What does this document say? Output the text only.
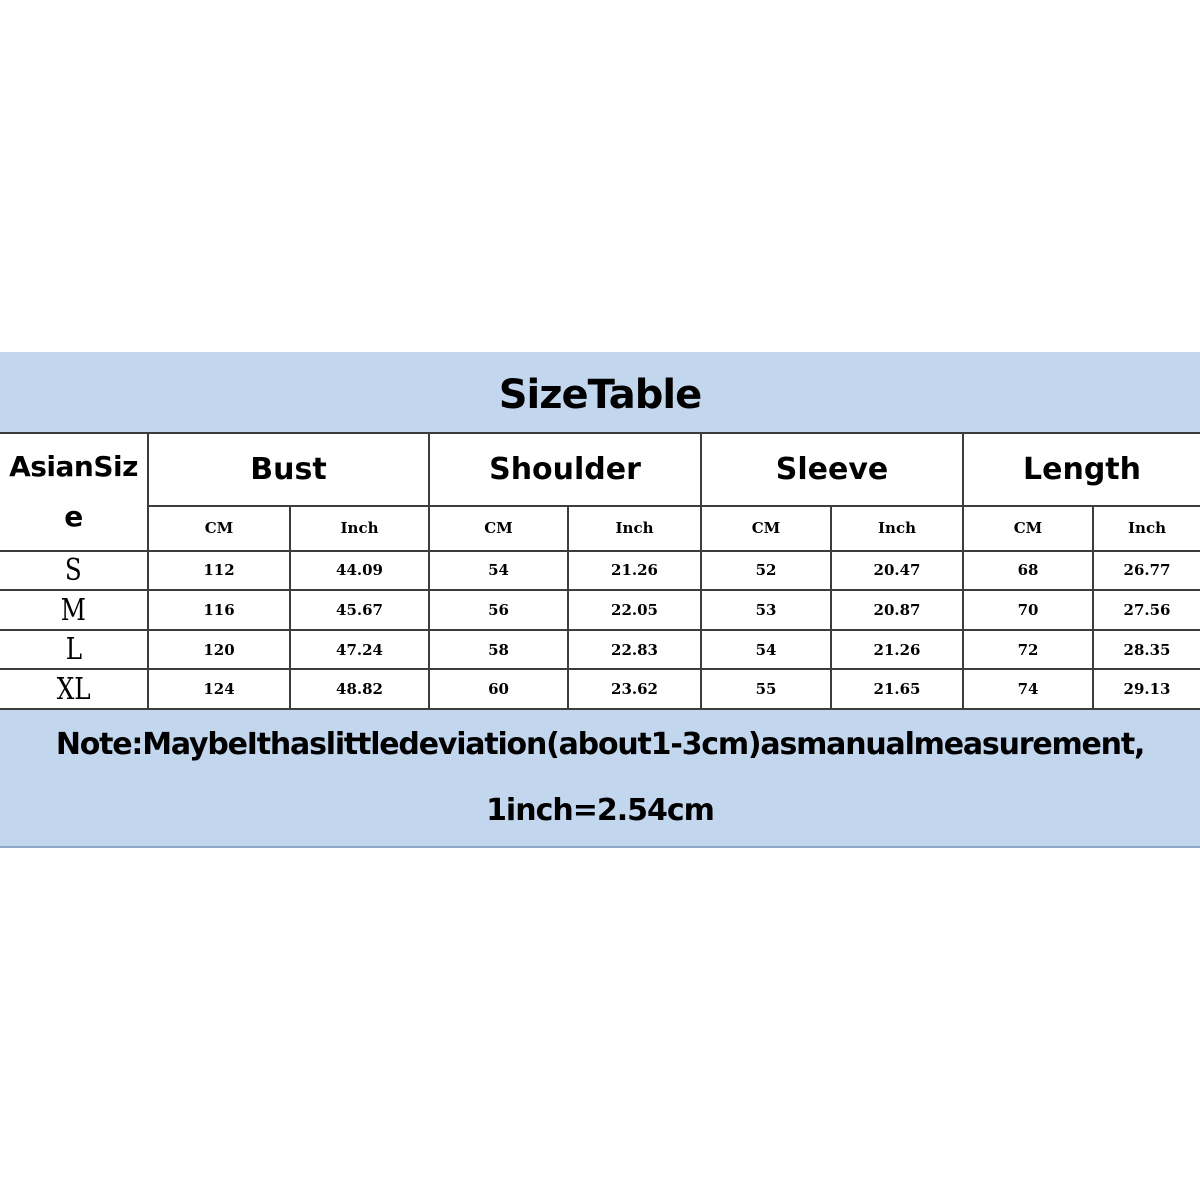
SizeTable
AsianSize	Bust		Shoulder		Sleeve		Length	
	CM	Inch	CM	Inch	CM	Inch	CM	Inch
S	112	44.09	54	21.26	52	20.47	68	26.77
M	116	45.67	56	22.05	53	20.87	70	27.56
L	120	47.24	58	22.83	54	21.26	72	28.35
XL	124	48.82	60	23.62	55	21.65	74	29.13
Note:MaybeIthaslittledeviation(about1-3cm)asmanualmeasurement,
1inch=2.54cm
